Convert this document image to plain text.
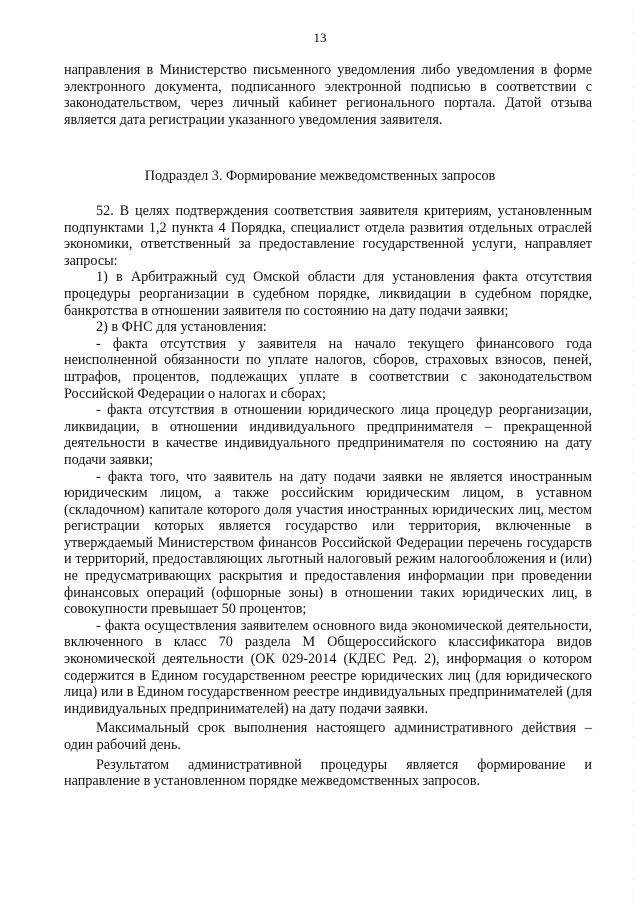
13

направления в Министерство письменного уведомления либо уведомления в форме электронного документа, подписанного электронной подписью в соответствии с законодательством, через личный кабинет регионального портала. Датой отзыва является дата регистрации указанного уведомления заявителя.

Подраздел 3. Формирование межведомственных запросов

52. В целях подтверждения соответствия заявителя критериям, установленным подпунктами 1,2 пункта 4 Порядка, специалист отдела развития отдельных отраслей экономики, ответственный за предоставление государственной услуги, направляет запросы:

1) в Арбитражный суд Омской области для установления факта отсутствия процедуры реорганизации в судебном порядке, ликвидации в судебном порядке, банкротства в отношении заявителя по состоянию на дату подачи заявки;

2) в ФНС для установления:

- факта отсутствия у заявителя на начало текущего финансового года неисполненной обязанности по уплате налогов, сборов, страховых взносов, пеней, штрафов, процентов, подлежащих уплате в соответствии с законодательством Российской Федерации о налогах и сборах;

- факта отсутствия в отношении юридического лица процедур реорганизации, ликвидации, в отношении индивидуального предпринимателя – прекращенной деятельности в качестве индивидуального предпринимателя по состоянию на дату подачи заявки;

- факта того, что заявитель на дату подачи заявки не является иностранным юридическим лицом, а также российским юридическим лицом, в уставном (складочном) капитале которого доля участия иностранных юридических лиц, местом регистрации которых является государство или территория, включенные в утверждаемый Министерством финансов Российской Федерации перечень государств и территорий, предоставляющих льготный налоговый режим налогообложения и (или) не предусматривающих раскрытия и предоставления информации при проведении финансовых операций (офшорные зоны) в отношении таких юридических лиц, в совокупности превышает 50 процентов;

- факта осуществления заявителем основного вида экономической деятельности, включенного в класс 70 раздела М Общероссийского классификатора видов экономической деятельности (ОК 029-2014 (КДЕС Ред. 2), информация о котором содержится в Едином государственном реестре юридических лиц (для юридического лица) или в Едином государственном реестре индивидуальных предпринимателей (для индивидуальных предпринимателей) на дату подачи заявки.

Максимальный срок выполнения настоящего административного действия – один рабочий день.

Результатом административной процедуры является формирование и направление в установленном порядке межведомственных запросов.
